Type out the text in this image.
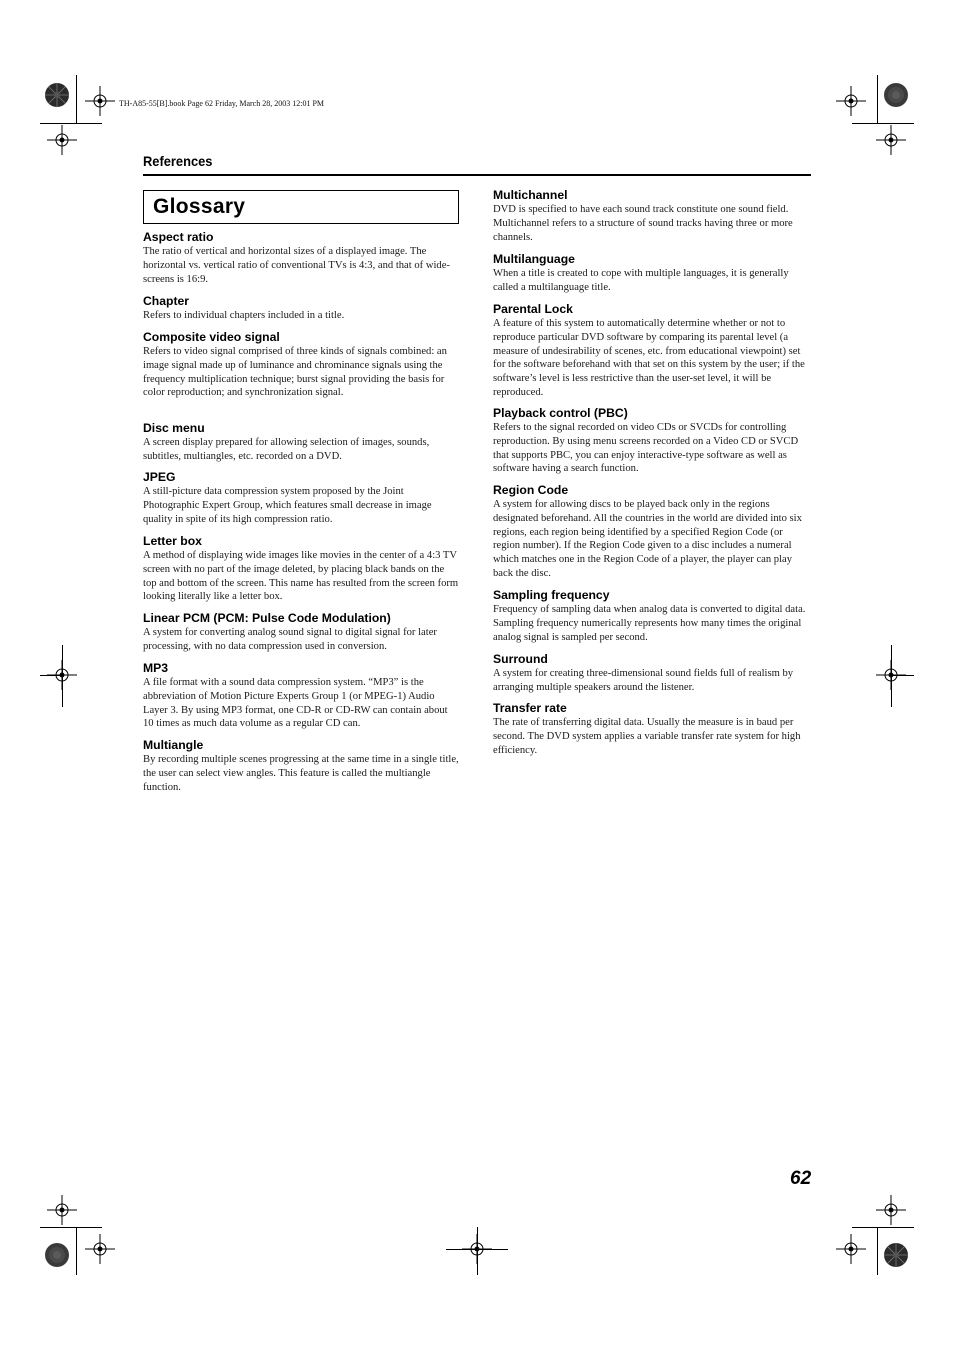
TH-A85-55[B].book Page 62 Friday, March 28, 2003 12:01 PM
References
Glossary

Aspect ratio

The ratio of vertical and horizontal sizes of a displayed image. The horizontal vs. vertical ratio of conventional TVs is 4:3, and that of wide-screens is 16:9.

Chapter

Refers to individual chapters included in a title.

Composite video signal

Refers to video signal comprised of three kinds of signals combined: an image signal made up of luminance and chrominance signals using the frequency multiplication technique; burst signal providing the basis for color reproduction; and synchronization signal.

Disc menu

A screen display prepared for allowing selection of images, sounds, subtitles, multiangles, etc. recorded on a DVD.

JPEG

A still-picture data compression system proposed by the Joint Photographic Expert Group, which features small decrease in image quality in spite of its high compression ratio.

Letter box

A method of displaying wide images like movies in the center of a 4:3 TV screen with no part of the image deleted, by placing black bands on the top and bottom of the screen. This name has resulted from the screen form looking literally like a letter box.

Linear PCM (PCM: Pulse Code Modulation)

A system for converting analog sound signal to digital signal for later processing, with no data compression used in conversion.

MP3

A file format with a sound data compression system. “MP3” is the abbreviation of Motion Picture Experts Group 1 (or MPEG-1) Audio Layer 3. By using MP3 format, one CD-R or CD-RW can contain about 10 times as much data volume as a regular CD can.

Multiangle

By recording multiple scenes progressing at the same time in a single title, the user can select view angles. This feature is called the multiangle function.

Multichannel

DVD is specified to have each sound track constitute one sound field. Multichannel refers to a structure of sound tracks having three or more channels.

Multilanguage

When a title is created to cope with multiple languages, it is generally called a multilanguage title.

Parental Lock

A feature of this system to automatically determine whether or not to reproduce particular DVD software by comparing its parental level (a measure of undesirability of scenes, etc. from educational viewpoint) set for the software beforehand with that set on this system by the user; if the software’s level is less restrictive than the user-set level, it will be reproduced.

Playback control (PBC)

Refers to the signal recorded on video CDs or SVCDs for controlling reproduction. By using menu screens recorded on a Video CD or SVCD that supports PBC, you can enjoy interactive-type software as well as software having a search function.

Region Code

A system for allowing discs to be played back only in the regions designated beforehand. All the countries in the world are divided into six regions, each region being identified by a specified Region Code (or region number). If the Region Code given to a disc includes a numeral which matches one in the Region Code of a player, the player can play back the disc.

Sampling frequency

Frequency of sampling data when analog data is converted to digital data. Sampling frequency numerically represents how many times the original analog signal is sampled per second.

Surround

A system for creating three-dimensional sound fields full of realism by arranging multiple speakers around the listener.

Transfer rate

The rate of transferring digital data. Usually the measure is in baud per second. The DVD system applies a variable transfer rate system for high efficiency.

62
